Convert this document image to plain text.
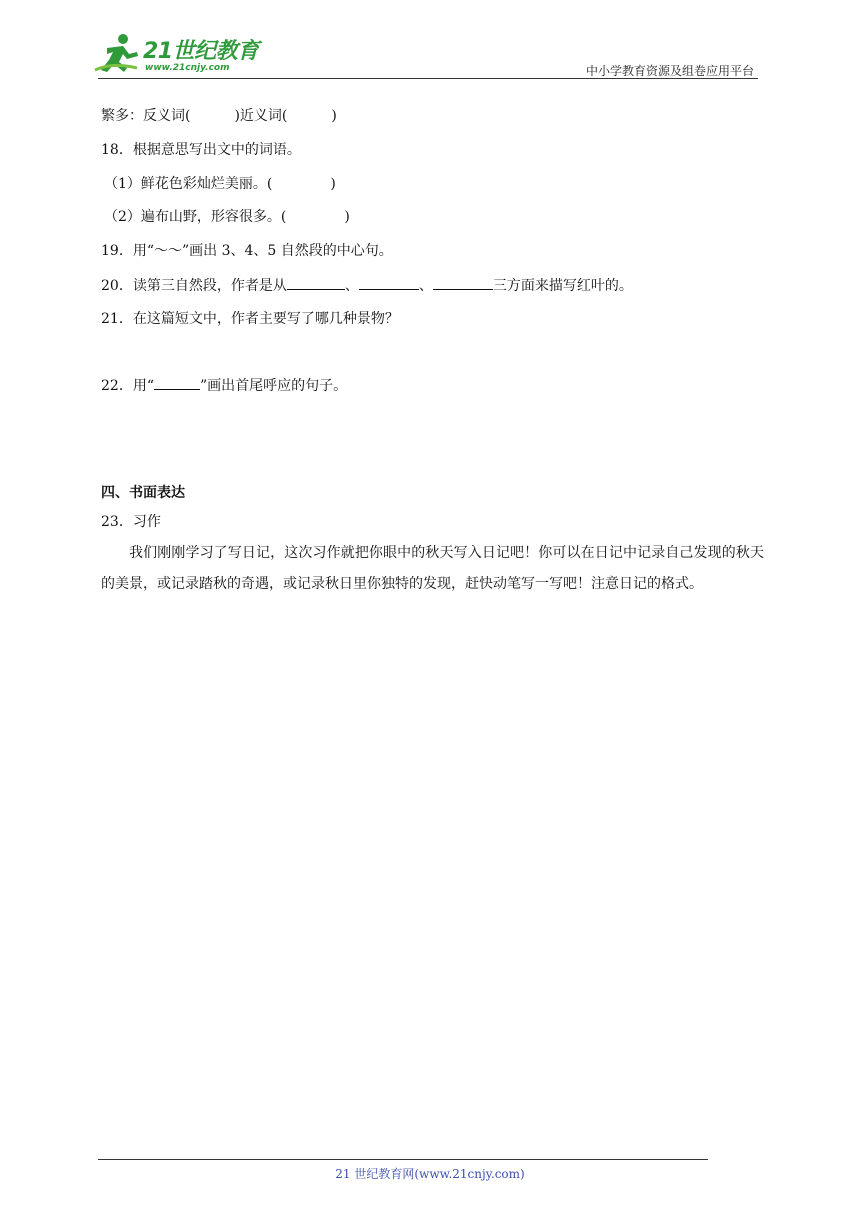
21世纪教育
www.21cnjy.com	中小学教育资源及组卷应用平台
繁多：反义词(	)近义词(	)
18．根据意思写出文中的词语。
（1）鲜花色彩灿烂美丽。(	)
（2）遍布山野，形容很多。(	)
19．用“～～”画出 3、4、5 自然段的中心句。
20．读第三自然段，作者是从	、	、	三方面来描写红叶的。
21．在这篇短文中，作者主要写了哪几种景物？
22．用“	”画出首尾呼应的句子。
四、书面表达
23．习作
我们刚刚学习了写日记，这次习作就把你眼中的秋天写入日记吧！你可以在日记中记录自己发现的秋天的美景，或记录踏秋的奇遇，或记录秋日里你独特的发现，赶快动笔写一写吧！注意日记的格式。
21 世纪教育网(www.21cnjy.com)
